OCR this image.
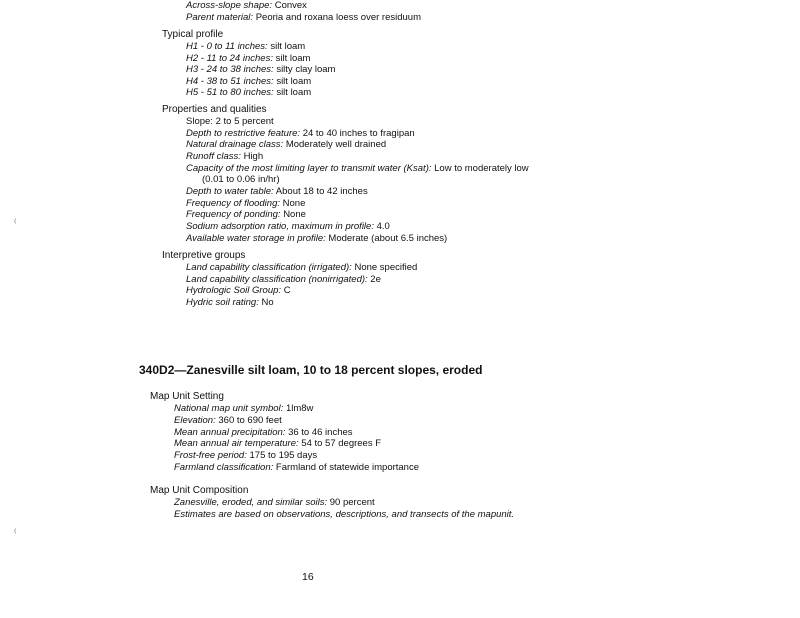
Across-slope shape: Convex
Parent material: Peoria and roxana loess over residuum
Typical profile
H1 - 0 to 11 inches: silt loam
H2 - 11 to 24 inches: silt loam
H3 - 24 to 38 inches: silty clay loam
H4 - 38 to 51 inches: silt loam
H5 - 51 to 80 inches: silt loam
Properties and qualities
Slope: 2 to 5 percent
Depth to restrictive feature: 24 to 40 inches to fragipan
Natural drainage class: Moderately well drained
Runoff class: High
Capacity of the most limiting layer to transmit water (Ksat): Low to moderately low
(0.01 to 0.06 in/hr)
Depth to water table: About 18 to 42 inches
Frequency of flooding: None
Frequency of ponding: None
Sodium adsorption ratio, maximum in profile: 4.0
Available water storage in profile: Moderate (about 6.5 inches)
Interpretive groups
Land capability classification (irrigated): None specified
Land capability classification (nonirrigated): 2e
Hydrologic Soil Group: C
Hydric soil rating: No
⁽
⁽
340D2—Zanesville silt loam, 10 to 18 percent slopes, eroded
Map Unit Setting
National map unit symbol: 1lm8w
Elevation: 360 to 690 feet
Mean annual precipitation: 36 to 46 inches
Mean annual air temperature: 54 to 57 degrees F
Frost-free period: 175 to 195 days
Farmland classification: Farmland of statewide importance
Map Unit Composition
Zanesville, eroded, and similar soils: 90 percent
Estimates are based on observations, descriptions, and transects of the mapunit.
16
